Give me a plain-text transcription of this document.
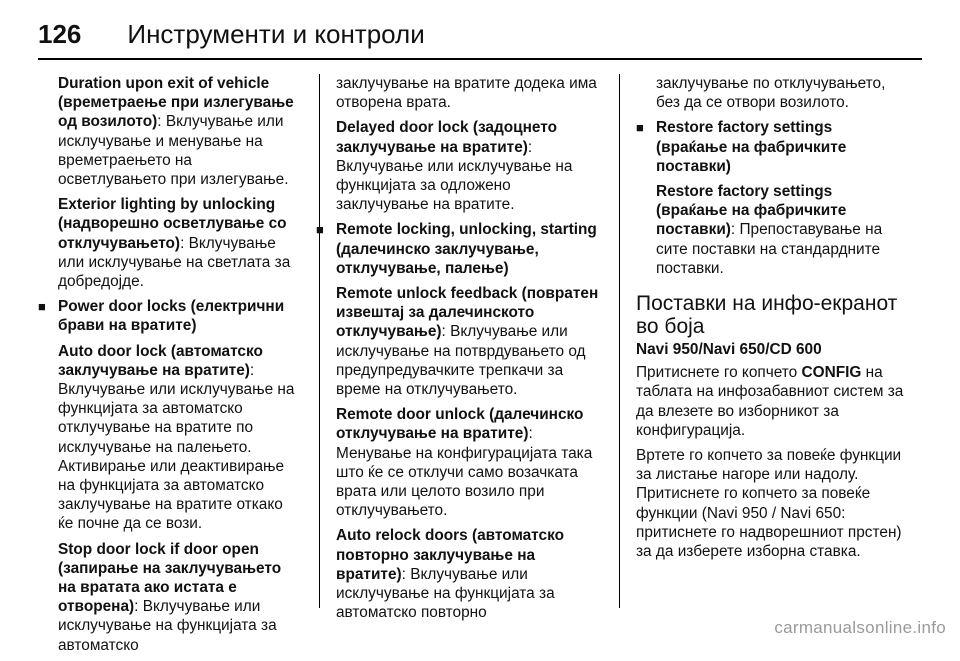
126 Инструменти и контроли

Duration upon exit of vehicle (времетраење при излегување од возилото): Вклучување или исклучување и менување на времетраењето на осветлувањето при излегување.

Exterior lighting by unlocking (надворешно осветлување со отклучувањето): Вклучување или исклучување на светлата за добредојде.

■ Power door locks (електрични брави на вратите)

Auto door lock (автоматско заклучување на вратите): Вклучување или исклучување на функцијата за автоматско отклучување на вратите по исклучување на палењето. Активирање или деактивирање на функцијата за автоматско заклучување на вратите откако ќе почне да се вози.

Stop door lock if door open (запирање на заклучувањето на вратата ако истата е отворена): Вклучување или исклучување на функцијата за автоматско

заклучување на вратите додека има отворена врата.

Delayed door lock (задоцнето заклучување на вратите): Вклучување или исклучување на функцијата за одложено заклучување на вратите.

■ Remote locking, unlocking, starting (далечинско заклучување, отклучување, палење)

Remote unlock feedback (повратен извештај за далечинското отклучување): Вклучување или исклучување на потврдувањето од предупредувачките трепкачи за време на отклучувањето.

Remote door unlock (далечинско отклучување на вратите): Менување на конфигурацијата така што ќе се отклучи само возачката врата или целото возило при отклучувањето.

Auto relock doors (автоматско повторно заклучување на вратите): Вклучување или исклучување на функцијата за автоматско повторно

заклучување по отклучувањето, без да се отвори возилото.

■ Restore factory settings (враќање на фабричките поставки)

Restore factory settings (враќање на фабричките поставки): Препоставување на сите поставки на стандардните поставки.

Поставки на инфо-екранот во боја
Navi 950/Navi 650/CD 600

Притиснете го копчето CONFIG на таблата на инфозабавниот систем за да влезете во изборникот за конфигурација.

Вртете го копчето за повеќе функции за листање нагоре или надолу. Притиснете го копчето за повеќе функции (Navi 950 / Navi 650: притиснете го надворешниот прстен) за да изберете изборна ставка.

carmanualsonline.info
